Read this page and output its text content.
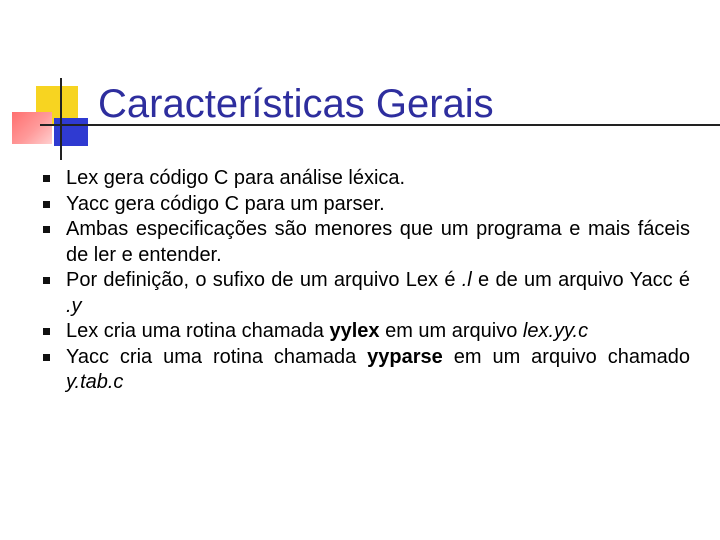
Características Gerais
Lex gera código C para análise léxica.
Yacc gera código C para um parser.
Ambas especificações são menores que um programa e mais fáceis de ler e entender.
Por definição, o sufixo de um arquivo Lex é .l e de um arquivo Yacc é .y
Lex cria uma rotina chamada yylex em um arquivo lex.yy.c
Yacc cria uma rotina chamada yyparse em um arquivo chamado y.tab.c
